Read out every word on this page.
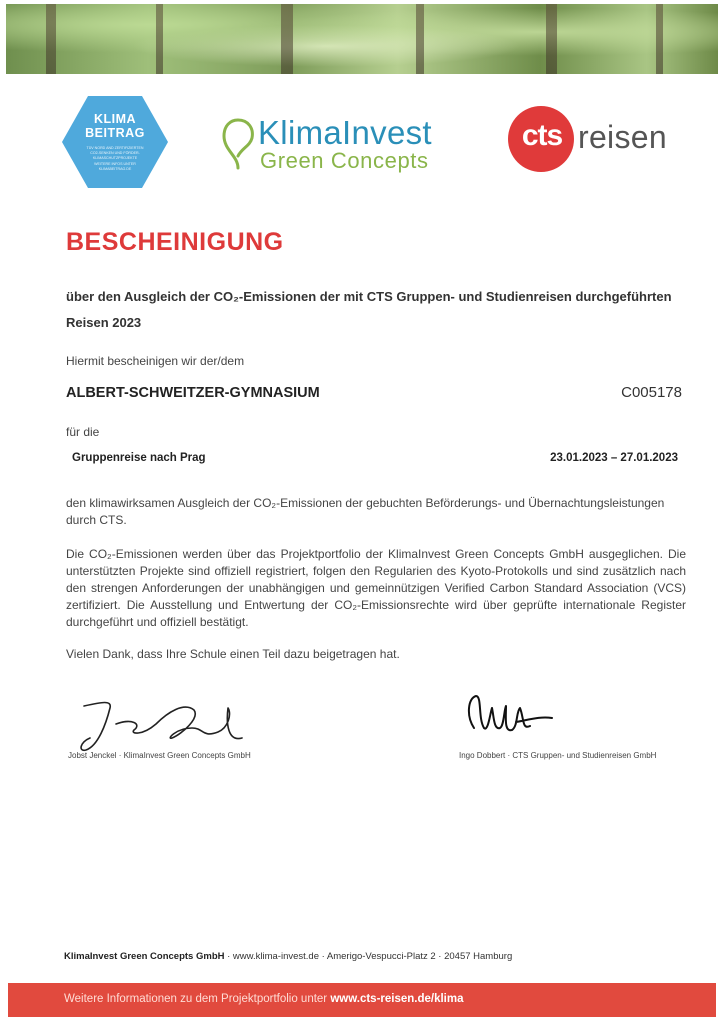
KLIMA
BEITRAG
TÜV NORD AND ZERTIFIZIERTEN
CO2-SENKEN UND FÖRDER-
KLIMASCHUTZPROJEKTE
WEITERE INFOS UNTER
KLIMABEITRAG.DE
KlimaInvest
Green Concepts
cts reisen
BESCHEINIGUNG
über den Ausgleich der CO₂-Emissionen der mit CTS Gruppen- und Studienreisen durchgeführten Reisen 2023
Hiermit bescheinigen wir der/dem
ALBERT-SCHWEITZER-GYMNASIUM	C005178
für die
Gruppenreise nach Prag	23.01.2023 – 27.01.2023
den klimawirksamen Ausgleich der CO₂-Emissionen der gebuchten Beförderungs- und Übernachtungsleistungen durch CTS.
Die CO₂-Emissionen werden über das Projektportfolio der KlimaInvest Green Concepts GmbH ausgeglichen. Die unterstützten Projekte sind offiziell registriert, folgen den Regularien des Kyoto-Protokolls und sind zusätzlich nach den strengen Anforderungen der unabhängigen und gemeinnützigen Verified Carbon Standard Association (VCS) zertifiziert. Die Ausstellung und Entwertung der CO₂-Emissionsrechte wird über geprüfte internationale Register durchgeführt und offiziell bestätigt.
Vielen Dank, dass Ihre Schule einen Teil dazu beigetragen hat.
Jobst Jenckel · KlimaInvest Green Concepts GmbH	Ingo Dobbert · CTS Gruppen- und Studienreisen GmbH
KlimaInvest Green Concepts GmbH · www.klima-invest.de · Amerigo-Vespucci-Platz 2 · 20457 Hamburg
Weitere Informationen zu dem Projektportfolio unter www.cts-reisen.de/klima
